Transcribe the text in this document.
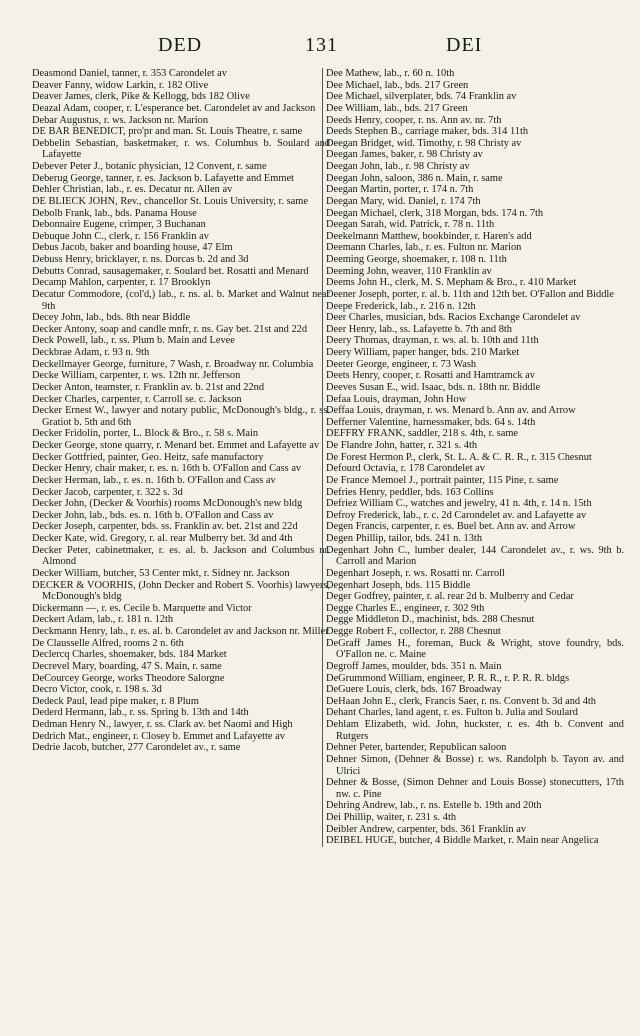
DED	131	DEI
Deasmond Daniel, tanner, r. 353 Carondelet av
Deaver Fanny, widow Larkin, r. 182 Olive
Deaver James, clerk, Pike & Kellogg, bds 182 Olive
Deazal Adam, cooper, r. L'esperance bet. Carondelet av and Jackson
Debar Augustus, r. ws. Jackson nr. Marion
DE BAR BENEDICT, pro'pr and man. St. Louis Theatre, r. same
Debbelin Sebastian, basketmaker, r. ws. Columbus b. Soulard and Lafayette
Debever Peter J., botanic physician, 12 Convent, r. same
Deberug George, tanner, r. es. Jackson b. Lafayette and Emmet
Dehler Christian, lab., r. es. Decatur nr. Allen av
DE BLIECK JOHN, Rev., chancellor St. Louis University, r. same
Debolb Frank, lab., bds. Panama House
Debonnaire Eugene, crimper, 3 Buchanan
Debuque John C., clerk, r. 156 Franklin av
Debus Jacob, baker and boarding house, 47 Elm
Debuss Henry, bricklayer, r. ns. Dorcas b. 2d and 3d
Debutts Conrad, sausagemaker, r. Soulard bet. Rosatti and Menard
Decamp Mahlon, carpenter, r. 17 Brooklyn
Decatur Commodore, (col'd,) lab., r. ns. al. b. Market and Walnut near 9th
Decey John, lab., bds. 8th near Biddle
Decker Antony, soap and candle mnfr, r. ns. Gay bet. 21st and 22d
Deck Powell, lab., r. ss. Plum b. Main and Levee
Deckbrae Adam, r. 93 n. 9th
Deckellmayer George, furniture, 7 Wash, r. Broadway nr. Columbia
Decke William, carpenter, r. ws. 12th nr. Jefferson
Decker Anton, teamster, r. Franklin av. b. 21st and 22nd
Decker Charles, carpenter, r. Carroll se. c. Jackson
Decker Ernest W., lawyer and notary public, McDonough's bldg., r. ss. Gratiot b. 5th and 6th
Decker Fridolin, porter, L. Block & Bro., r. 58 s. Main
Decker George, stone quarry, r. Menard bet. Emmet and Lafayette av
Decker Gottfried, painter, Geo. Heitz, safe manufactory
Decker Henry, chair maker, r. es. n. 16th b. O'Fallon and Cass av
Decker Herman, lab., r. es. n. 16th b. O'Fallon and Cass av
Decker Jacob, carpenter, r. 322 s. 3d
Decker John, (Decker & Voorhis) rooms McDonough's new bldg
Decker John, lab., bds. es. n. 16th b. O'Fallon and Cass av
Decker Joseph, carpenter, bds. ss. Franklin av. bet. 21st and 22d
Decker Kate, wid. Gregory, r. al. rear Mulberry bet. 3d and 4th
Decker Peter, cabinetmaker, r. es. al. b. Jackson and Columbus nr. Almond
Decker William, butcher, 53 Center mkt, r. Sidney nr. Jackson
DECKER & VOORHIS, (John Decker and Robert S. Voorhis) lawyers, McDonough's bldg
Dickermann —, r. es. Cecile b. Marquette and Victor
Deckert Adam, lab., r. 181 n. 12th
Deckmann Henry, lab., r. es. al. b. Carondelet av and Jackson nr. Miller
De Clausselle Alfred, rooms 2 n. 6th
Declercq Charles, shoemaker, bds. 184 Market
Decrevel Mary, boarding, 47 S. Main, r. same
DeCourcey George, works Theodore Salorgne
Decro Victor, cook, r. 198 s. 3d
Dedeck Paul, lead pipe maker, r. 8 Plum
Dederd Hermann, lab., r. ss. Spring b. 13th and 14th
Dedman Henry N., lawyer, r. ss. Clark av. bet Naomi and High
Dedrich Mat., engineer, r. Closey b. Emmet and Lafayette av
Dedrie Jacob, butcher, 277 Carondelet av., r. same
Dee Mathew, lab., r. 60 n. 10th
Dee Michael, lab., bds. 217 Green
Dee Michael, silverplater, bds. 74 Franklin av
Dee William, lab., bds. 217 Green
Deeds Henry, cooper, r. ns. Ann av. nr. 7th
Deeds Stephen B., carriage maker, bds. 314 11th
Deegan Bridget, wid. Timothy, r. 98 Christy av
Deegan James, baker, r. 98 Christy av
Deegan John, lab., r. 98 Christy av
Deegan John, saloon, 386 n. Main, r. same
Deegan Martin, porter, r. 174 n. 7th
Deegan Mary, wid. Daniel, r. 174 7th
Deegan Michael, clerk, 318 Morgan, bds. 174 n. 7th
Deegan Sarah, wid. Patrick, r. 78 n. 11th
Deekelmann Matthew, bookbinder, r. Haren's add
Deemann Charles, lab., r. es. Fulton nr. Marion
Deeming George, shoemaker, r. 108 n. 11th
Deeming John, weaver, 110 Franklin av
Deems John H., clerk, M. S. Mepham & Bro., r. 410 Market
Deener Joseph, porter, r. al. b. 11th and 12th bet. O'Fallon and Biddle
Deepe Frederick, lab., r. 216 n. 12th
Deer Charles, musician, bds. Racios Exchange Carondelet av
Deer Henry, lab., ss. Lafayette b. 7th and 8th
Deery Thomas, drayman, r. ws. al. b. 10th and 11th
Deery William, paper hanger, bds. 210 Market
Deeter George, engineer, r. 73 Wash
Deets Henry, cooper, r. Rosatti and Hamtramck av
Deeves Susan E., wid. Isaac, bds. n. 18th nr. Biddle
Defaa Louis, drayman, John How
Deffaa Louis, drayman, r. ws. Menard b. Ann av. and Arrow
Defferner Valentine, harnessmaker, bds. 64 s. 14th
DEFFRY FRANK, saddler, 218 s. 4th, r. same
De Flandre John, hatter, r. 321 s. 4th
De Forest Hermon P., clerk, St. L. A. & C. R. R., r. 315 Chesnut
Defourd Octavia, r. 178 Carondelet av
De France Memoel J., portrait painter, 115 Pine, r. same
Defries Henry, peddler, bds. 163 Collins
Defriez William C., watches and jewelry, 41 n. 4th, r. 14 n. 15th
Defroy Frederick, lab., r. c. 2d Carondelet av. and Lafayette av
Degen Francis, carpenter, r. es. Buel bet. Ann av. and Arrow
Degen Phillip, tailor, bds. 241 n. 13th
Degenhart John C., lumber dealer, 144 Carondelet av., r. ws. 9th b. Carroll and Marion
Degenhart Joseph, r. ws. Rosatti nr. Carroll
Degenhart Joseph, bds. 115 Biddle
Deger Godfrey, painter, r. al. rear 2d b. Mulberry and Cedar
Degge Charles E., engineer, r. 302 9th
Degge Middleton D., machinist, bds. 288 Chesnut
Degge Robert F., collector, r. 288 Chesnut
DeGraff James H., foreman, Buck & Wright, stove foundry, bds. O'Fallon ne. c. Maine
Degroff James, moulder, bds. 351 n. Main
DeGrummond William, engineer, P. R. R., r. P. R. R. bldgs
DeGuere Louis, clerk, bds. 167 Broadway
DeHaan John E., clerk, Francis Saer, r. ns. Convent b. 3d and 4th
Dehant Charles, land agent, r. es. Fulton b. Julia and Soulard
Dehlam Elizabeth, wid. John, huckster, r. es. 4th b. Convent and Rutgers
Dehner Peter, bartender, Republican saloon
Dehner Simon, (Dehner & Bosse) r. ws. Randolph b. Tayon av. and Ulrici
Dehner & Bosse, (Simon Dehner and Louis Bosse) stonecutters, 17th nw. c. Pine
Dehring Andrew, lab., r. ns. Estelle b. 19th and 20th
Dei Phillip, waiter, r. 231 s. 4th
Deibler Andrew, carpenter, bds. 361 Franklin av
DEIBEL HUGE, butcher, 4 Biddle Market, r. Main near Angelica
